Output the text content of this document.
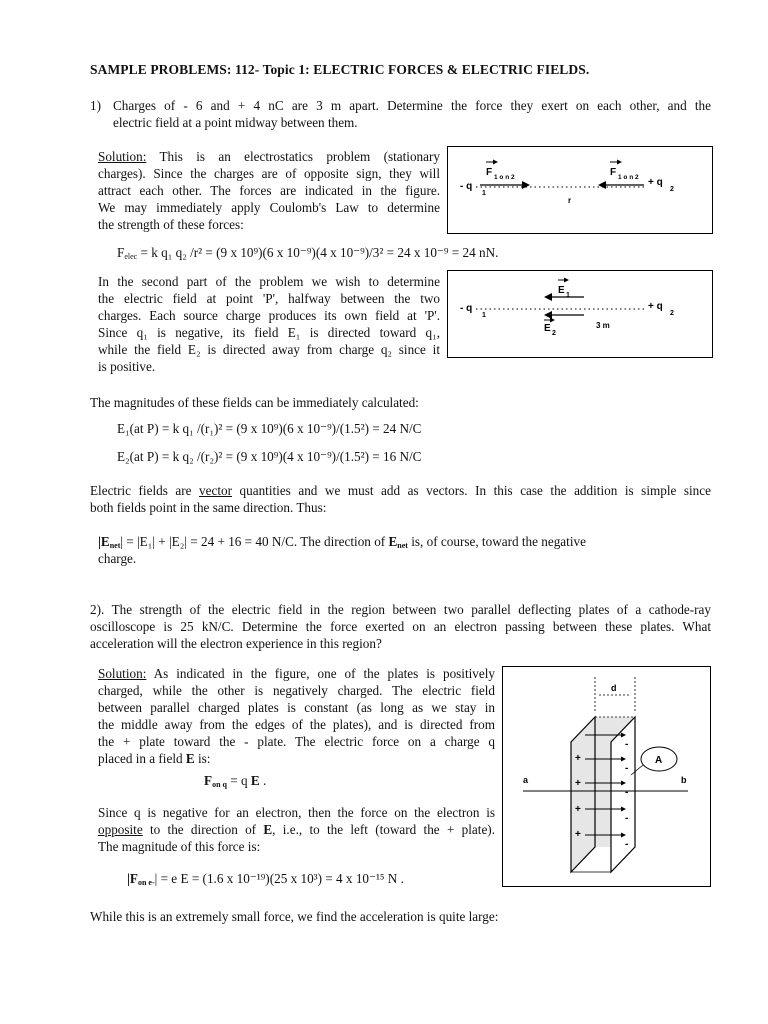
SAMPLE PROBLEMS: 112- Topic 1: ELECTRIC FORCES & ELECTRIC FIELDS.
1) Charges of - 6 and + 4 nC are 3 m apart. Determine the force they exert on each other, and the
electric field at a point midway between them.
Solution: This is an electrostatics problem (stationary
charges). Since the charges are of opposite sign, they will
attract each other. The forces are indicated in the figure.
We may immediately apply Coulomb's Law to determine
the strength of these forces:
- q
1
+ q
2
F 1 o n 2	F 1 o n 2
r
$F_{elec} = k$ q₁ q₂ /r² = (9 x 10⁹)(6 x 10⁻⁹)(4 x 10⁻⁹)/3² = 24 x 10⁻⁹ = 24 nN.
In the second part of the problem we wish to determine
the electric field at point 'P', halfway between the two
charges. Each source charge produces its own field at 'P'.
Since q₁ is negative, its field E₁ is directed toward q₁,
while the field E₂ is directed away from charge q₂ since it
is positive.
- q
1
+ q
2
E 1
E 2
3 m
The magnitudes of these fields can be immediately calculated:
E₁(at P) = k q₁ /(r₁)² = (9 x 10⁹)(6 x 10⁻⁹)/(1.5²) = 24 N/C
E₂(at P) = k q₂ /(r₂)² = (9 x 10⁹)(4 x 10⁻⁹)/(1.5²) = 16 N/C
Electric fields are vector quantities and we must add as vectors. In this case the addition is simple since
both fields point in the same direction. Thus:
$|E_{net}| = |E_1| + |E_2| = 24 + 16 = 40$ N/C. The direction of $E_{net}$ is, of course, toward the negative
charge.
2). The strength of the electric field in the region between two parallel deflecting plates of a cathode-ray
oscilloscope is 25 kN/C. Determine the force exerted on an electron passing between these plates. What
acceleration will the electron experience in this region?
Solution: As indicated in the figure, one of the plates is positively
charged, while the other is negatively charged. The electric field
between parallel charged plates is constant (as long as we stay in
the middle away from the edges of the plates), and is directed from
the + plate toward the - plate. The electric force on a charge q
placed in a field E is:
$F_{on q} = q$ E .
Since q is negative for an electron, then the force on the electron is
opposite to the direction of E, i.e., to the left (toward the + plate).
The magnitude of this force is:
$|F_{on e-}| = e$ E = (1.6 x 10⁻¹⁹)(25 x 10³) = 4 x 10⁻¹⁵ N .
While this is an extremely small force, we find the acceleration is quite large:
d
+
+
+
+
-
-
-
-
-
a	b
A
